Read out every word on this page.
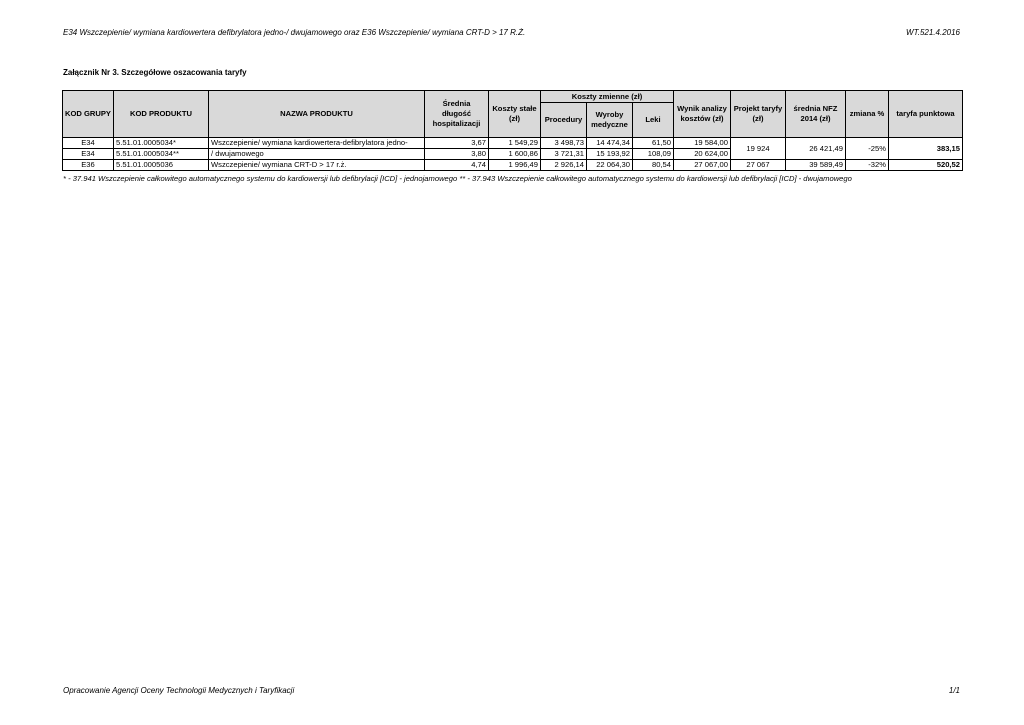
E34 Wszczepienie/ wymiana kardiowertera defibrylatora jedno-/ dwujamowego oraz E36 Wszczepienie/ wymiana CRT-D > 17 R.Ż.	WT.521.4.2016
Załącznik Nr 3. Szczegółowe oszacowania taryfy
KOD GRUPY	KOD PRODUKTU	NAZWA PRODUKTU	Średnia długość hospitalizacji	Koszty stałe (zł)	Koszty zmienne (zł)			Wynik analizy kosztów (zł)	Projekt taryfy (zł)	średnia NFZ 2014 (zł)	zmiana %	taryfa punktowa
					Procedury	Wyroby medyczne	Leki					
E34	5.51.01.0005034*	Wszczepienie/ wymiana kardiowertera-defibrylatora jedno-	3,67	1 549,29	3 498,73	14 474,34	61,50	19 584,00	19 924	26 421,49	-25%	383,15
E34	5.51.01.0005034**	/ dwujamowego	3,80	1 600,86	3 721,31	15 193,92	108,09	20 624,00				
E36	5.51.01.0005036	Wszczepienie/ wymiana CRT-D > 17 r.ż.	4,74	1 996,49	2 926,14	22 064,30	80,54	27 067,00	27 067	39 589,49	-32%	520,52
* - 37.941 Wszczepienie całkowitego automatycznego systemu do kardiowersji lub defibrylacji [ICD] - jednojamowego ** - 37.943 Wszczepienie całkowitego automatycznego systemu do kardiowersji lub defibrylacji [ICD] - dwujamowego
Opracowanie Agencji Oceny Technologii Medycznych i Taryfikacji	1/1
